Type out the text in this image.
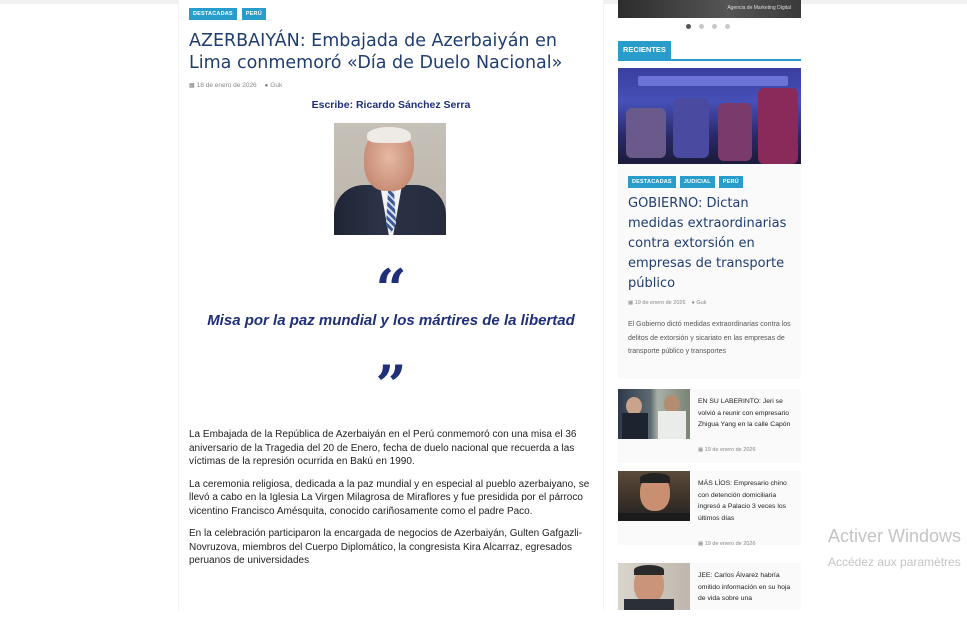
DESTACADAS	PERÚ
AZERBAIYÁN: Embajada de Azerbaiyán en Lima conmemoró «Día de Duelo Nacional»
▦ 18 de enero de 2026 ● Guk
Escribe: Ricardo Sánchez Serra
“
Misa por la paz mundial y los mártires de la libertad
”

La Embajada de la República de Azerbaiyán en el Perú conmemoró con una misa el 36 aniversario de la Tragedia del 20 de Enero, fecha de duelo nacional que recuerda a las víctimas de la represión ocurrida en Bakú en 1990.

La ceremonia religiosa, dedicada a la paz mundial y en especial al pueblo azerbaiyano, se llevó a cabo en la Iglesia La Virgen Milagrosa de Miraflores y fue presidida por el párroco vicentino Francisco Amésquita, conocido cariñosamente como el padre Paco.

En la celebración participaron la encargada de negocios de Azerbaiyán, Gulten Gafgazli-Novruzova, miembros del Cuerpo Diplomático, la congresista Kira Alcarraz, egresados peruanos de universidades

Agencia de Marketing Digital
RECIENTES
DESTACADAS	JUDICIAL	PERÚ
GOBIERNO: Dictan medidas extraordinarias contra extorsión en empresas de transporte público
▦ 19 de enero de 2026 ● Guk
El Gobierno dictó medidas extraordinarias contra los delitos de extorsión y sicariato en las empresas de transporte público y transportes
EN SU LABERINTO: Jeri se volvió a reunir con empresario Zhigua Yang en la calle Capón
▦ 19 de enero de 2026
MÁS LÍOS: Empresario chino con detención domiciliaria ingresó a Palacio 3 veces los últimos días
▦ 19 de enero de 2026
JEE: Carlos Álvarez habría omitido información en su hoja de vida sobre una
Activer Windows
Accédez aux paramètres
